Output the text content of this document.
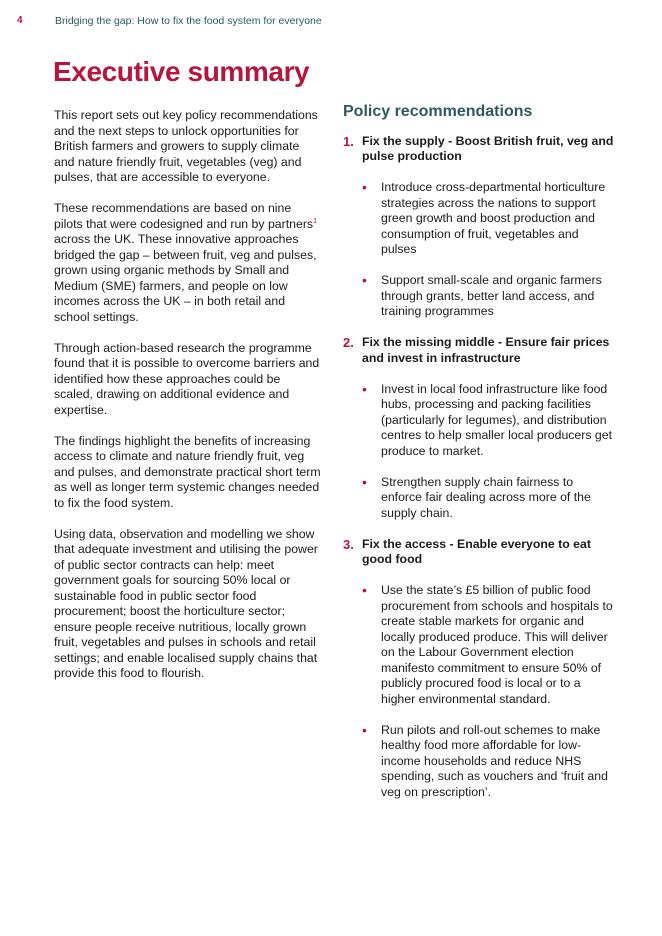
4	Bridging the gap: How to fix the food system for everyone
Executive summary

This report sets out key policy recommendations and the next steps to unlock opportunities for British farmers and growers to supply climate and nature friendly fruit, vegetables (veg) and pulses, that are accessible to everyone.

These recommendations are based on nine pilots that were codesigned and run by partners$^1$ across the UK. These innovative approaches bridged the gap – between fruit, veg and pulses, grown using organic methods by Small and Medium (SME) farmers, and people on low incomes across the UK – in both retail and school settings.

Through action-based research the programme found that it is possible to overcome barriers and identified how these approaches could be scaled, drawing on additional evidence and expertise.

The findings highlight the benefits of increasing access to climate and nature friendly fruit, veg and pulses, and demonstrate practical short term as well as longer term systemic changes needed to fix the food system.

Using data, observation and modelling we show that adequate investment and utilising the power of public sector contracts can help: meet government goals for sourcing 50% local or sustainable food in public sector food procurement; boost the horticulture sector; ensure people receive nutritious, locally grown fruit, vegetables and pulses in schools and retail settings; and enable localised supply chains that provide this food to flourish.

Policy recommendations
1. Fix the supply - Boost British fruit, veg and pulse production
•	Introduce cross-departmental horticulture strategies across the nations to support green growth and boost production and consumption of fruit, vegetables and pulses
•	Support small-scale and organic farmers through grants, better land access, and training programmes
2. Fix the missing middle - Ensure fair prices and invest in infrastructure
•	Invest in local food infrastructure like food hubs, processing and packing facilities (particularly for legumes), and distribution centres to help smaller local producers get produce to market.
•	Strengthen supply chain fairness to enforce fair dealing across more of the supply chain.
3. Fix the access - Enable everyone to eat good food
•	Use the state’s £5 billion of public food procurement from schools and hospitals to create stable markets for organic and locally produced produce. This will deliver on the Labour Government election manifesto commitment to ensure 50% of publicly procured food is local or to a higher environmental standard.
•	Run pilots and roll-out schemes to make healthy food more affordable for low-income households and reduce NHS spending, such as vouchers and ‘fruit and veg on prescription’.
